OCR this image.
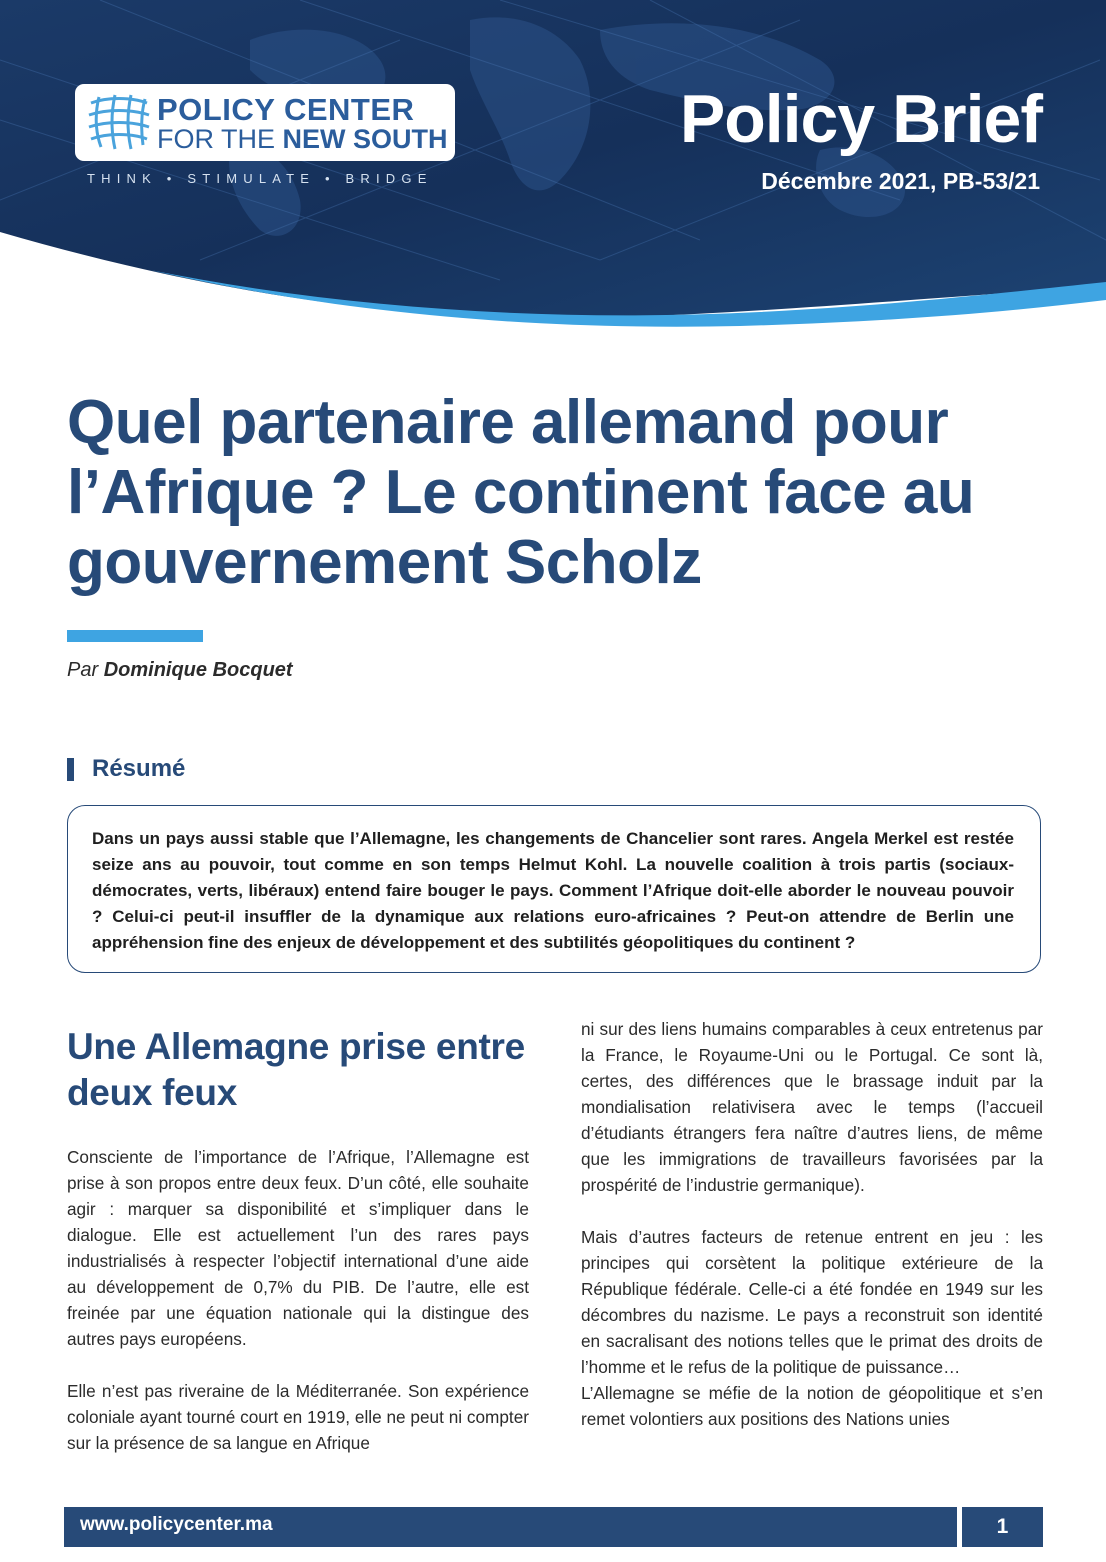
POLICY CENTER
FOR THE NEW SOUTH
THINK • STIMULATE • BRIDGE
Policy Brief
Décembre 2021, PB-53/21
Quel partenaire allemand pour l’Afrique ? Le continent face au gouvernement Scholz
Par Dominique Bocquet
Résumé

Dans un pays aussi stable que l’Allemagne, les changements de Chancelier sont rares. Angela Merkel est restée seize ans au pouvoir, tout comme en son temps Helmut Kohl. La nouvelle coalition à trois partis (sociaux-démocrates, verts, libéraux) entend faire bouger le pays. Comment l’Afrique doit-elle aborder le nouveau pouvoir ? Celui-ci peut-il insuffler de la dynamique aux relations euro-africaines ? Peut-on attendre de Berlin une appréhension fine des enjeux de développement et des subtilités géopolitiques du continent ?

Une Allemagne prise entre deux feux

Consciente de l’importance de l’Afrique, l’Allemagne est prise à son propos entre deux feux. D’un côté, elle souhaite agir : marquer sa disponibilité et s’impliquer dans le dialogue. Elle est actuellement l’un des rares pays industrialisés à respecter l’objectif international d’une aide au développement de 0,7% du PIB. De l’autre, elle est freinée par une équation nationale qui la distingue des autres pays européens.

Elle n’est pas riveraine de la Méditerranée. Son expérience coloniale ayant tourné court en 1919, elle ne peut ni compter sur la présence de sa langue en Afrique

ni sur des liens humains comparables à ceux entretenus par la France, le Royaume-Uni ou le Portugal. Ce sont là, certes, des différences que le brassage induit par la mondialisation relativisera avec le temps (l’accueil d’étudiants étrangers fera naître d’autres liens, de même que les immigrations de travailleurs favorisées par la prospérité de l’industrie germanique).

Mais d’autres facteurs de retenue entrent en jeu : les principes qui corsètent la politique extérieure de la République fédérale. Celle-ci a été fondée en 1949 sur les décombres du nazisme. Le pays a reconstruit son identité en sacralisant des notions telles que le primat des droits de l’homme et le refus de la politique de puissance…

L’Allemagne se méfie de la notion de géopolitique et s’en remet volontiers aux positions des Nations unies

www.policycenter.ma	1
